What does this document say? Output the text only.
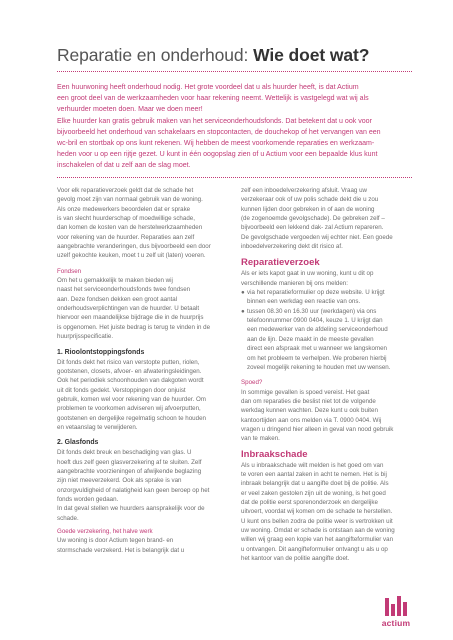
Reparatie en onderhoud: Wie doet wat?

Een huurwoning heeft onderhoud nodig. Het grote voordeel dat u als huurder heeft, is dat Actium

een groot deel van de werkzaamheden voor haar rekening neemt. Wettelijk is vastgelegd wat wij als

verhuurder moeten doen. Maar we doen meer!

Elke huurder kan gratis gebruik maken van het serviceonderhoudsfonds. Dat betekent dat u ook voor

bijvoorbeeld het onderhoud van schakelaars en stopcontacten, de douchekop of het vervangen van een

wc-bril en stortbak op ons kunt rekenen. Wij hebben de meest voorkomende reparaties en werkzaam-

heden voor u op een rijtje gezet. U kunt in één oogopslag zien of u Actium voor een bepaalde klus kunt

inschakelen of dat u zelf aan de slag moet.

Voor elk reparatieverzoek geldt dat de schade het

gevolg moet zijn van normaal gebruik van de woning.

Als onze medewerkers beoordelen dat er sprake

is van slecht huurderschap of moedwillige schade,

dan komen de kosten van de herstelwerkzaamheden

voor rekening van de huurder. Reparaties aan zelf

aangebrachte veranderingen, dus bijvoorbeeld een door

uzelf gekochte keuken, moet t u zelf uit (laten) voeren.

Fondsen

Om het u gemakkelijk te maken bieden wij

naast het serviceonderhoudsfonds twee fondsen

aan. Deze fondsen dekken een groot aantal

onderhoudsverplichtingen van de huurder. U betaalt

hiervoor een maandelijkse bijdrage die in de huurprijs

is opgenomen. Het juiste bedrag is terug te vinden in de

huurprijsspecificatie.

1. Rioolontstoppingsfonds

Dit fonds dekt het risico van verstopte putten, riolen,

gootstenen, closets, afvoer- en afwateringsleidingen.

Ook het periodiek schoonhouden van dakgoten wordt

uit dit fonds gedekt. Verstoppingen door onjuist

gebruik, komen wel voor rekening van de huurder. Om

problemen te voorkomen adviseren wij afvoerputten,

gootstenen en dergelijke regelmatig schoon te houden

en vetaanslag te verwijderen.

2. Glasfonds

Dit fonds dekt breuk en beschadiging van glas. U

hoeft dus zelf geen glasverzekering af te sluiten. Zelf

aangebrachte voorzieningen of afwijkende beglazing

zijn niet meeverzekerd. Ook als sprake is van

onzorgvuldigheid of nalatigheid kan geen beroep op het

fonds worden gedaan.

In dat geval stellen we huurders aansprakelijk voor de

schade.

Goede verzekering, het halve werk

Uw woning is door Actium tegen brand- en

stormschade verzekerd. Het is belangrijk dat u

zelf een inboedelverzekering afsluit. Vraag uw

verzekeraar ook of uw polis schade dekt die u zou

kunnen lijden door gebreken in of aan de woning

(de zogenoemde gevolgschade). De gebreken zelf –

bijvoorbeeld een lekkend dak- zal Actium repareren.

De gevolgschade vergoeden wij echter niet. Een goede

inboedelverzekering dekt dit risico af.

Reparatieverzoek

Als er iets kapot gaat in uw woning, kunt u dit op

verschillende manieren bij ons melden:

● via het reparatieformulier op deze website. U krijgt

binnen een werkdag een reactie van ons.

● tussen 08.30 en 16.30 uur (werkdagen) via ons

telefoonnummer 0900 0404, keuze 1. U krijgt dan

een medewerker van de afdeling serviceonderhoud

aan de lijn. Deze maakt in de meeste gevallen

direct een afspraak met u wanneer we langskomen

om het probleem te verhelpen. We proberen hierbij

zoveel mogelijk rekening te houden met uw wensen.

Spoed?

In sommige gevallen is spoed vereist. Het gaat

dan om reparaties die beslist niet tot de volgende

werkdag kunnen wachten. Deze kunt u ook buiten

kantoortijden aan ons melden via T. 0900 0404. Wij

vragen u dringend hier alleen in geval van nood gebruik

van te maken.

Inbraakschade

Als u inbraakschade wilt melden is het goed om van

te voren een aantal zaken in acht te nemen. Het is bij

inbraak belangrijk dat u aangifte doet bij de politie. Als

er veel zaken gestolen zijn uit de woning, is het goed

dat de politie eerst sporenonderzoek en dergelijke

uitvoert, voordat wij komen om de schade te herstellen.

U kunt ons bellen zodra de politie weer is vertrokken uit

uw woning. Omdat er schade is ontstaan aan de woning

willen wij graag een kopie van het aangifteformulier van

u ontvangen. Dit aangifteformulier ontvangt u als u op

het kantoor van de politie aangifte doet.

actium
